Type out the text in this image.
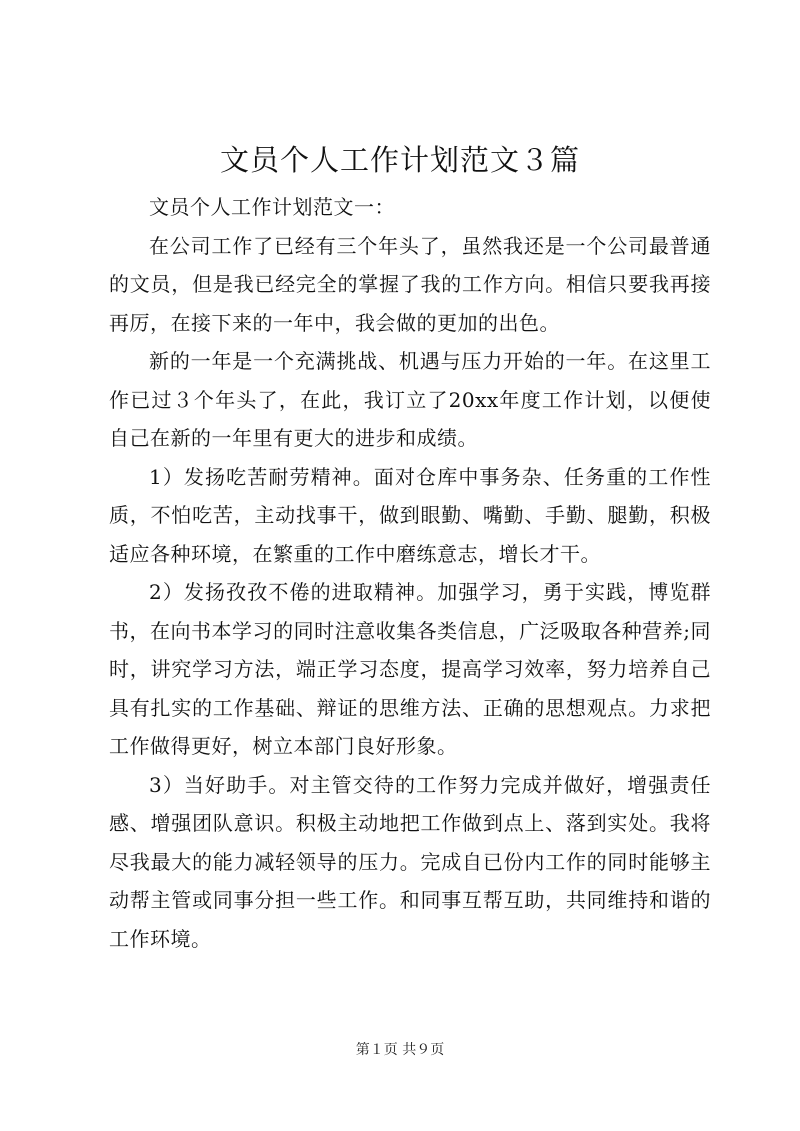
文员个人工作计划范文３篇

文员个人工作计划范文一：

在公司工作了已经有三个年头了，虽然我还是一个公司最普通的文员，但是我已经完全的掌握了我的工作方向。相信只要我再接再厉，在接下来的一年中，我会做的更加的出色。

新的一年是一个充满挑战、机遇与压力开始的一年。在这里工作已过３个年头了，在此，我订立了20xx年度工作计划，以便使自己在新的一年里有更大的进步和成绩。

1）发扬吃苦耐劳精神。面对仓库中事务杂、任务重的工作性质，不怕吃苦，主动找事干，做到眼勤、嘴勤、手勤、腿勤，积极适应各种环境，在繁重的工作中磨练意志，增长才干。

2）发扬孜孜不倦的进取精神。加强学习，勇于实践，博览群书，在向书本学习的同时注意收集各类信息，广泛吸取各种营养;同时，讲究学习方法，端正学习态度，提高学习效率，努力培养自己具有扎实的工作基础、辩证的思维方法、正确的思想观点。力求把工作做得更好，树立本部门良好形象。

3）当好助手。对主管交待的工作努力完成并做好，增强责任感、增强团队意识。积极主动地把工作做到点上、落到实处。我将尽我最大的能力减轻领导的压力。完成自已份内工作的同时能够主动帮主管或同事分担一些工作。和同事互帮互助，共同维持和谐的工作环境。

第１页 共９页
